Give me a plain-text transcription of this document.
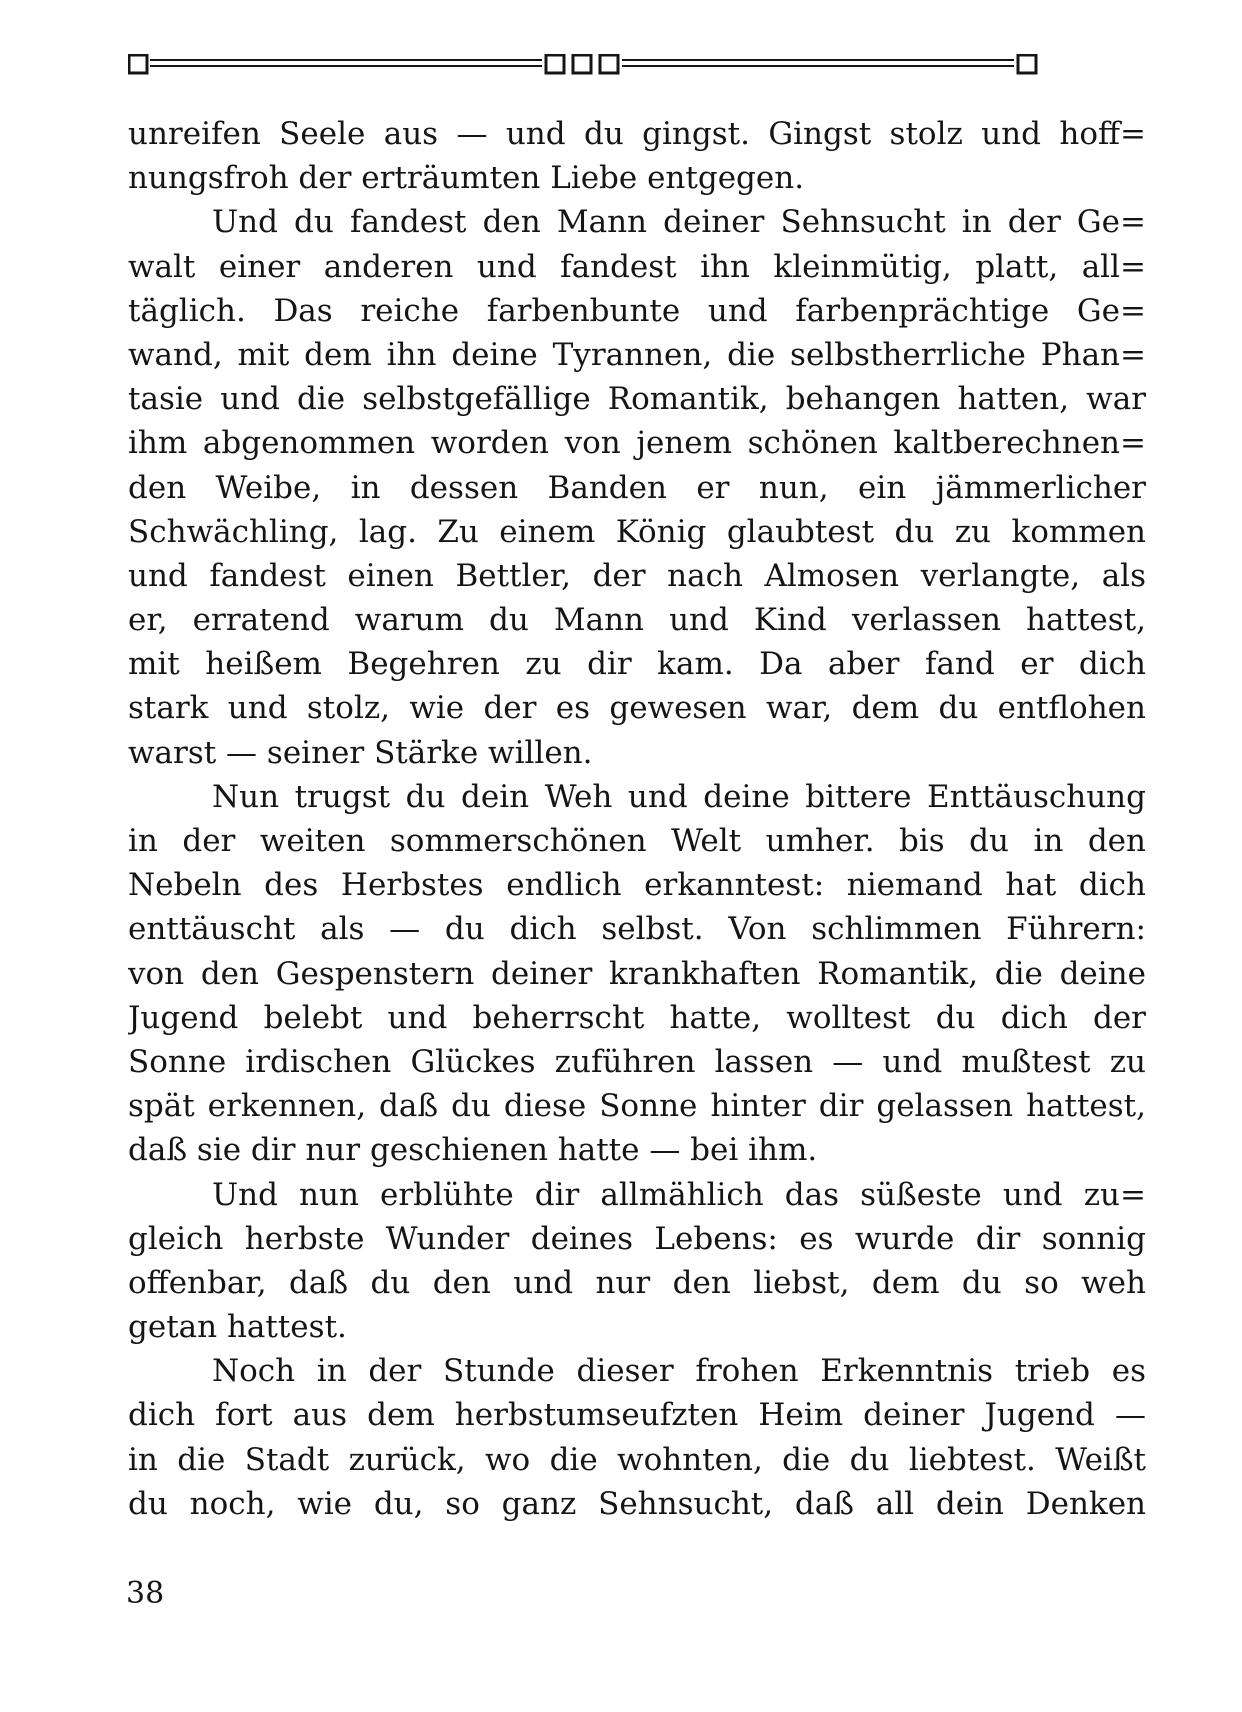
unreifen Seele aus — und du gingst. Gingst stolz und hoff=
nungsfroh der erträumten Liebe entgegen.
Und du fandest den Mann deiner Sehnsucht in der Ge=
walt einer anderen und fandest ihn kleinmütig, platt, all=
täglich. Das reiche farbenbunte und farbenprächtige Ge=
wand, mit dem ihn deine Tyrannen, die selbstherrliche Phan=
tasie und die selbstgefällige Romantik, behangen hatten, war
ihm abgenommen worden von jenem schönen kaltberechnen=
den Weibe, in dessen Banden er nun, ein jämmerlicher
Schwächling, lag. Zu einem König glaubtest du zu kommen
und fandest einen Bettler, der nach Almosen verlangte, als
er, erratend warum du Mann und Kind verlassen hattest,
mit heißem Begehren zu dir kam. Da aber fand er dich
stark und stolz, wie der es gewesen war, dem du entflohen
warst — seiner Stärke willen.
Nun trugst du dein Weh und deine bittere Enttäuschung
in der weiten sommerschönen Welt umher. bis du in den
Nebeln des Herbstes endlich erkanntest: niemand hat dich
enttäuscht als — du dich selbst. Von schlimmen Führern:
von den Gespenstern deiner krankhaften Romantik, die deine
Jugend belebt und beherrscht hatte, wolltest du dich der
Sonne irdischen Glückes zuführen lassen — und mußtest zu
spät erkennen, daß du diese Sonne hinter dir gelassen hattest,
daß sie dir nur geschienen hatte — bei ihm.
Und nun erblühte dir allmählich das süßeste und zu=
gleich herbste Wunder deines Lebens: es wurde dir sonnig
offenbar, daß du den und nur den liebst, dem du so weh
getan hattest.
Noch in der Stunde dieser frohen Erkenntnis trieb es
dich fort aus dem herbstumseufzten Heim deiner Jugend —
in die Stadt zurück, wo die wohnten, die du liebtest. Weißt
du noch, wie du, so ganz Sehnsucht, daß all dein Denken
38
